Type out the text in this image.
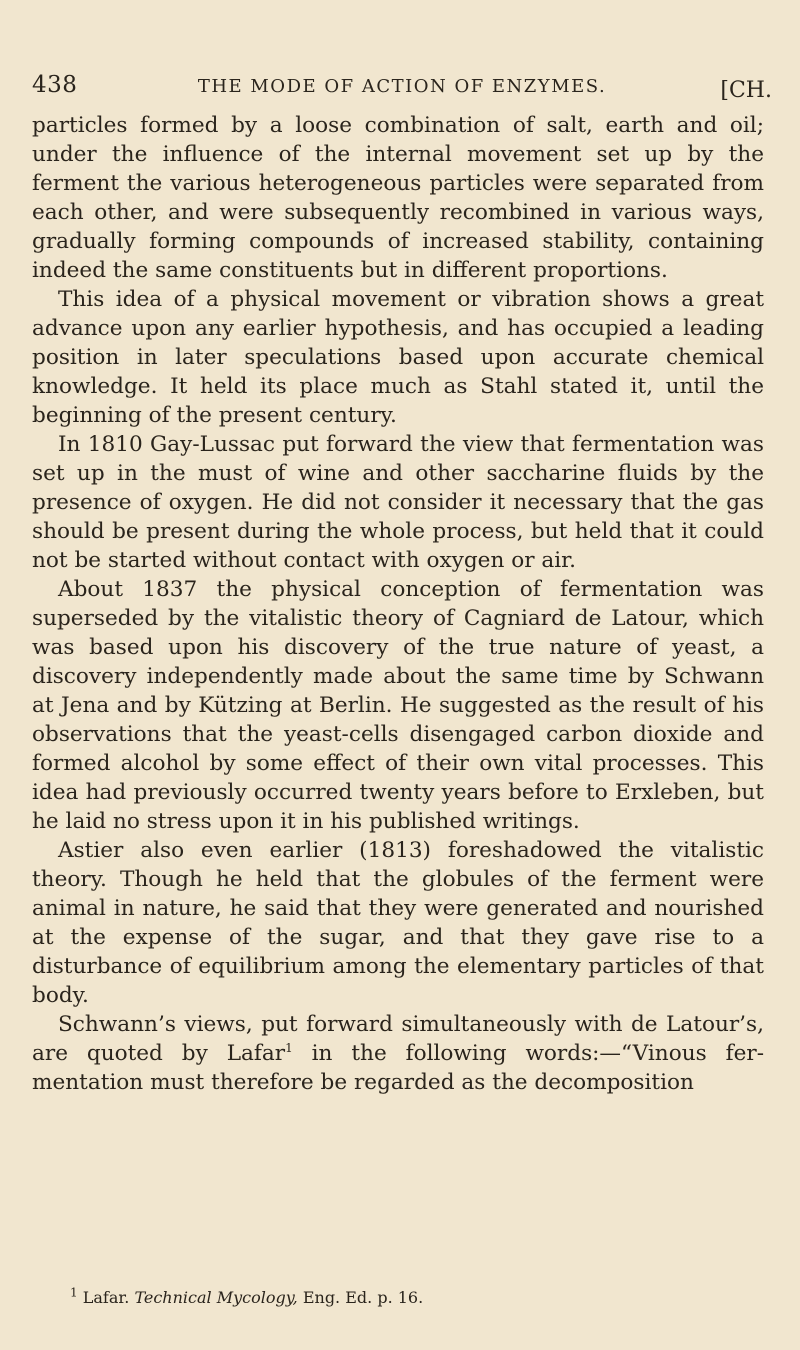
438	THE MODE OF ACTION OF ENZYMES.	[CH.

particles formed by a loose combination of salt, earth and oil; under the influence of the internal movement set up by the ferment the various heterogeneous particles were separated from each other, and were subsequently recombined in various ways, gradually forming compounds of increased stability, containing indeed the same constituents but in different proportions.

This idea of a physical movement or vibration shows a great advance upon any earlier hypothesis, and has occupied a leading position in later speculations based upon accurate chemical knowledge. It held its place much as Stahl stated it, until the beginning of the present century.

In 1810 Gay-Lussac put forward the view that fermentation was set up in the must of wine and other saccharine fluids by the presence of oxygen. He did not consider it necessary that the gas should be present during the whole process, but held that it could not be started without contact with oxygen or air.

About 1837 the physical conception of fermentation was superseded by the vitalistic theory of Cagniard de Latour, which was based upon his discovery of the true nature of yeast, a discovery independently made about the same time by Schwann at Jena and by Kützing at Berlin. He suggested as the result of his observations that the yeast-cells disengaged carbon dioxide and formed alcohol by some effect of their own vital processes. This idea had previously occurred twenty years before to Erxleben, but he laid no stress upon it in his published writings.

Astier also even earlier (1813) foreshadowed the vitalistic theory. Though he held that the globules of the ferment were animal in nature, he said that they were generated and nourished at the expense of the sugar, and that they gave rise to a disturbance of equilibrium among the elementary particles of that body.

Schwann’s views, put forward simultaneously with de Latour’s, are quoted by Lafar$^1$ in the following words:—“Vinous fermentation must therefore be regarded as the decomposition

$^1$ Lafar. Technical Mycology, Eng. Ed. p. 16.
